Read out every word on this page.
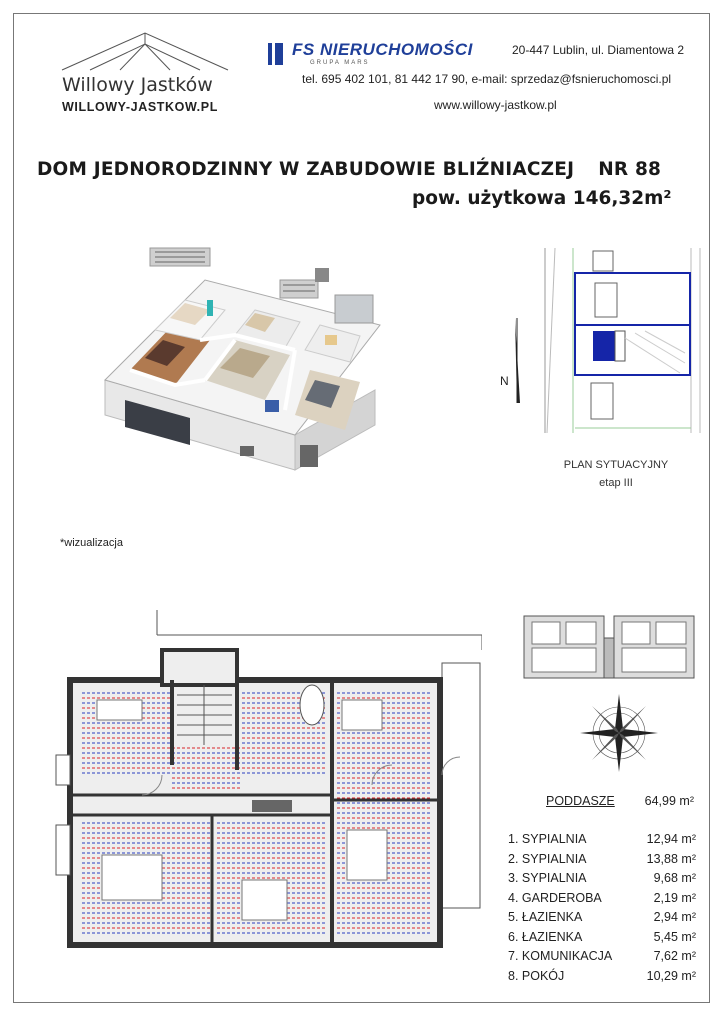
Willowy Jastków
WILLOWY-JASTKOW.PL
FS NIERUCHOMOŚCI
GRUPA MARS
20-447 Lublin, ul. Diamentowa 2
tel. 695 402 101, 81 442 17 90, e-mail: sprzedaz@fsnieruchomosci.pl
www.willowy-jastkow.pl
DOM JEDNORODZINNY W ZABUDOWIE BLIŹNIACZEJ NR 88
pow. użytkowa 146,32m²
*wizualizacja
N
PLAN SYTUACYJNY
etap III
PODDASZE 64,99 m²
1. SYPIALNIA	12,94 m²
2. SYPIALNIA	13,88 m²
3. SYPIALNIA	9,68 m²
4. GARDEROBA	2,19 m²
5. ŁAZIENKA	2,94 m²
6. ŁAZIENKA	5,45 m²
7. KOMUNIKACJA	7,62 m²
8. POKÓJ	10,29 m²
